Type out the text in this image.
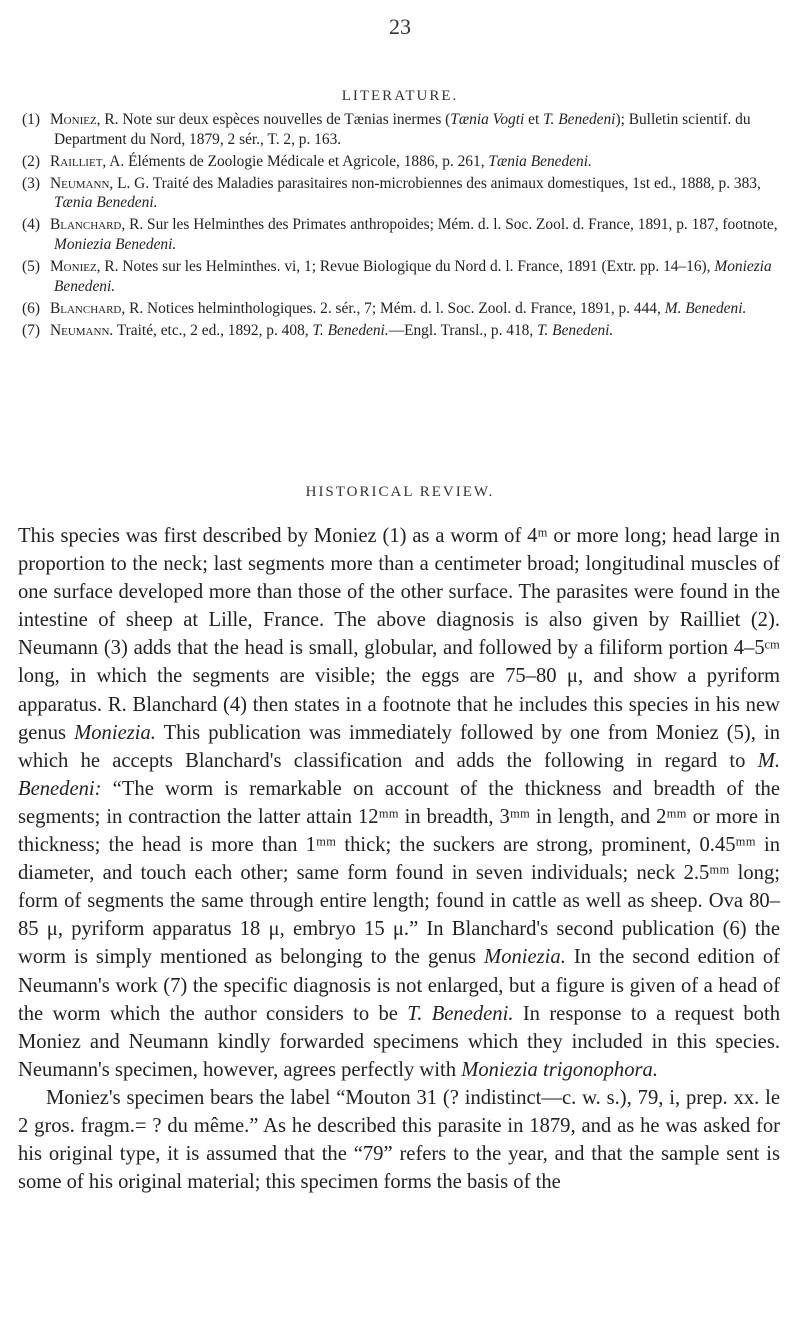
23
LITERATURE.

(1) Moniez, R. Note sur deux espèces nouvelles de Tænias inermes (Tænia Vogti et T. Benedeni); Bulletin scientif. du Department du Nord, 1879, 2 sér., T. 2, p. 163.

(2) Railliet, A. Éléments de Zoologie Médicale et Agricole, 1886, p. 261, Tænia Benedeni.

(3) Neumann, L. G. Traité des Maladies parasitaires non-microbiennes des animaux domestiques, 1st ed., 1888, p. 383, Tænia Benedeni.

(4) Blanchard, R. Sur les Helminthes des Primates anthropoides; Mém. d. l. Soc. Zool. d. France, 1891, p. 187, footnote, Moniezia Benedeni.

(5) Moniez, R. Notes sur les Helminthes. vi, 1; Revue Biologique du Nord d. l. France, 1891 (Extr. pp. 14–16), Moniezia Benedeni.

(6) Blanchard, R. Notices helminthologiques. 2. sér., 7; Mém. d. l. Soc. Zool. d. France, 1891, p. 444, M. Benedeni.

(7) Neumann. Traité, etc., 2 ed., 1892, p. 408, T. Benedeni.—Engl. Transl., p. 418, T. Benedeni.

HISTORICAL REVIEW.

This species was first described by Moniez (1) as a worm of 4ᵐ or more long; head large in proportion to the neck; last segments more than a centimeter broad; longitudinal muscles of one surface developed more than those of the other surface. The parasites were found in the intestine of sheep at Lille, France. The above diagnosis is also given by Railliet (2). Neumann (3) adds that the head is small, globular, and followed by a filiform portion 4–5ᶜᵐ long, in which the segments are visible; the eggs are 75–80 μ, and show a pyriform apparatus. R. Blanchard (4) then states in a footnote that he includes this species in his new genus Moniezia. This publication was immediately followed by one from Moniez (5), in which he accepts Blanchard's classification and adds the following in regard to M. Benedeni: “The worm is remarkable on account of the thickness and breadth of the segments; in contraction the latter attain 12ᵐᵐ in breadth, 3ᵐᵐ in length, and 2ᵐᵐ or more in thickness; the head is more than 1ᵐᵐ thick; the suckers are strong, prominent, 0.45ᵐᵐ in diameter, and touch each other; same form found in seven individuals; neck 2.5ᵐᵐ long; form of segments the same through entire length; found in cattle as well as sheep. Ova 80–85 μ, pyriform apparatus 18 μ, embryo 15 μ.” In Blanchard's second publication (6) the worm is simply mentioned as belonging to the genus Moniezia. In the second edition of Neumann's work (7) the specific diagnosis is not enlarged, but a figure is given of a head of the worm which the author considers to be T. Benedeni. In response to a request both Moniez and Neumann kindly forwarded specimens which they included in this species. Neumann's specimen, however, agrees perfectly with Moniezia trigonophora.

Moniez's specimen bears the label “Mouton 31 (? indistinct—c. w. s.), 79, i, prep. xx. le 2 gros. fragm.= ? du même.” As he described this parasite in 1879, and as he was asked for his original type, it is assumed that the “79” refers to the year, and that the sample sent is some of his original material; this specimen forms the basis of the
